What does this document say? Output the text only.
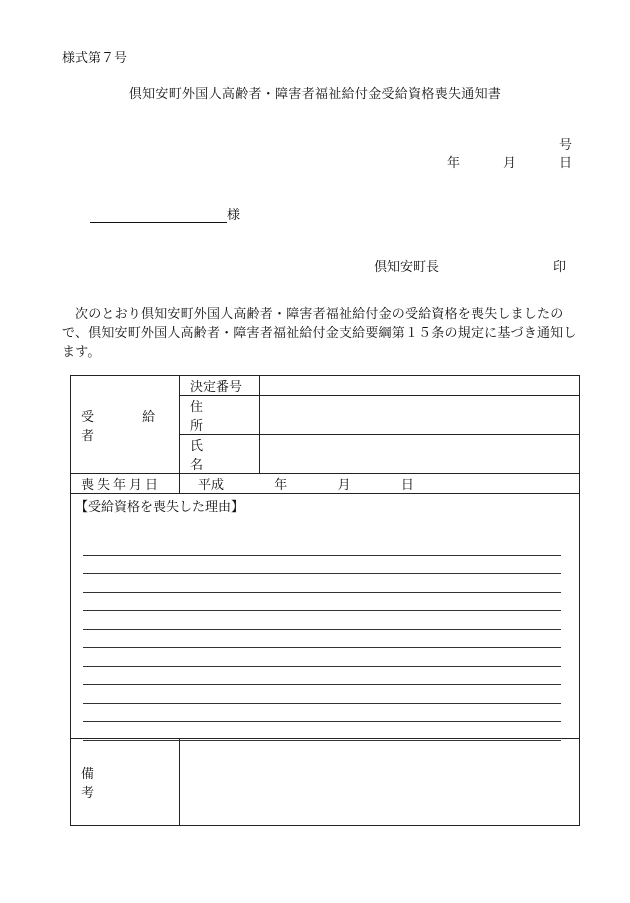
様式第７号
倶知安町外国人高齢者・障害者福祉給付金受給資格喪失通知書
号
年	月	日
様
倶知安町長	印
次のとおり倶知安町外国人高齢者・障害者福祉給付金の受給資格を喪失しましたので、倶知安町外国人高齢者・障害者福祉給付金支給要綱第１５条の規定に基づき通知します。
受 給 者	決定番号	
	住 所	
	氏 名	
喪失年月日	平成 年 月 日	
【受給資格を喪失した理由】		

備 考		
